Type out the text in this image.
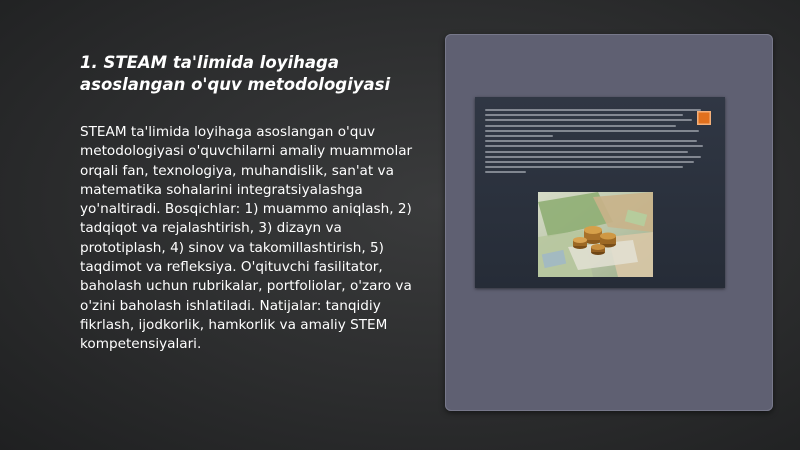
1. STEAM ta'limida loyihaga asoslangan o'quv metodologiyasi

STEAM ta'limida loyihaga asoslangan o'quv metodologiyasi o'quvchilarni amaliy muammolar orqali fan, texnologiya, muhandislik, san'at va matematika sohalarini integratsiyalashga yo'naltiradi. Bosqichlar: 1) muammo aniqlash, 2) tadqiqot va rejalashtirish, 3) dizayn va prototiplash, 4) sinov va takomillashtirish, 5) taqdimot va refleksiya. O'qituvchi fasilitator, baholash uchun rubrikalar, portfoliolar, o'zaro va o'zini baholash ishlatiladi. Natijalar: tanqidiy fikrlash, ijodkorlik, hamkorlik va amaliy STEM kompetensiyalari.
